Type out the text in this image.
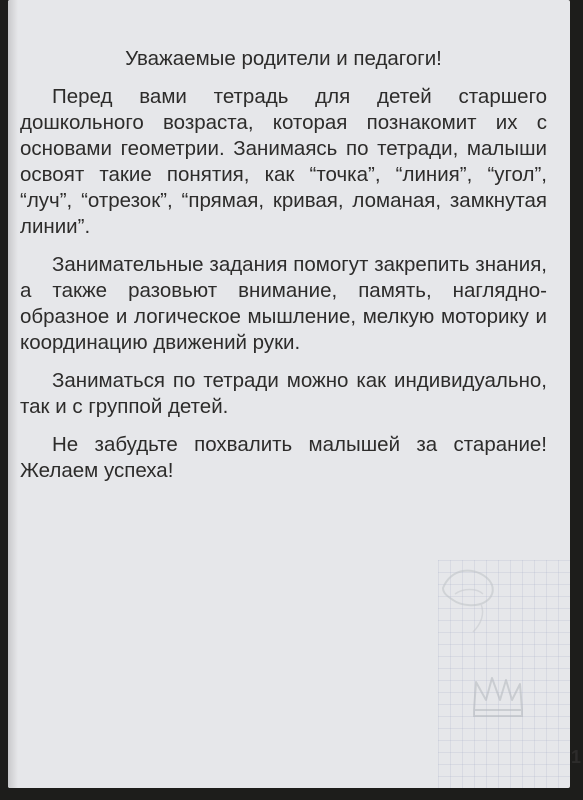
Уважаемые родители и педагоги!
Перед вами тетрадь для детей старшего дошкольного возраста, которая познакомит их с основами геометрии. Занимаясь по тетради, малыши освоят такие понятия, как “точка”, “линия”, “угол”, “луч”, “отрезок”, “прямая, кривая, ломаная, замкнутая линии”.
Занимательные задания помогут закрепить знания, а также разовьют внимание, память, наглядно-образное и логическое мышление, мелкую моторику и координацию движений руки.
Заниматься по тетради можно как индивидуально, так и с группой детей.
Не забудьте похвалить малышей за старание! Желаем успеха!
1
